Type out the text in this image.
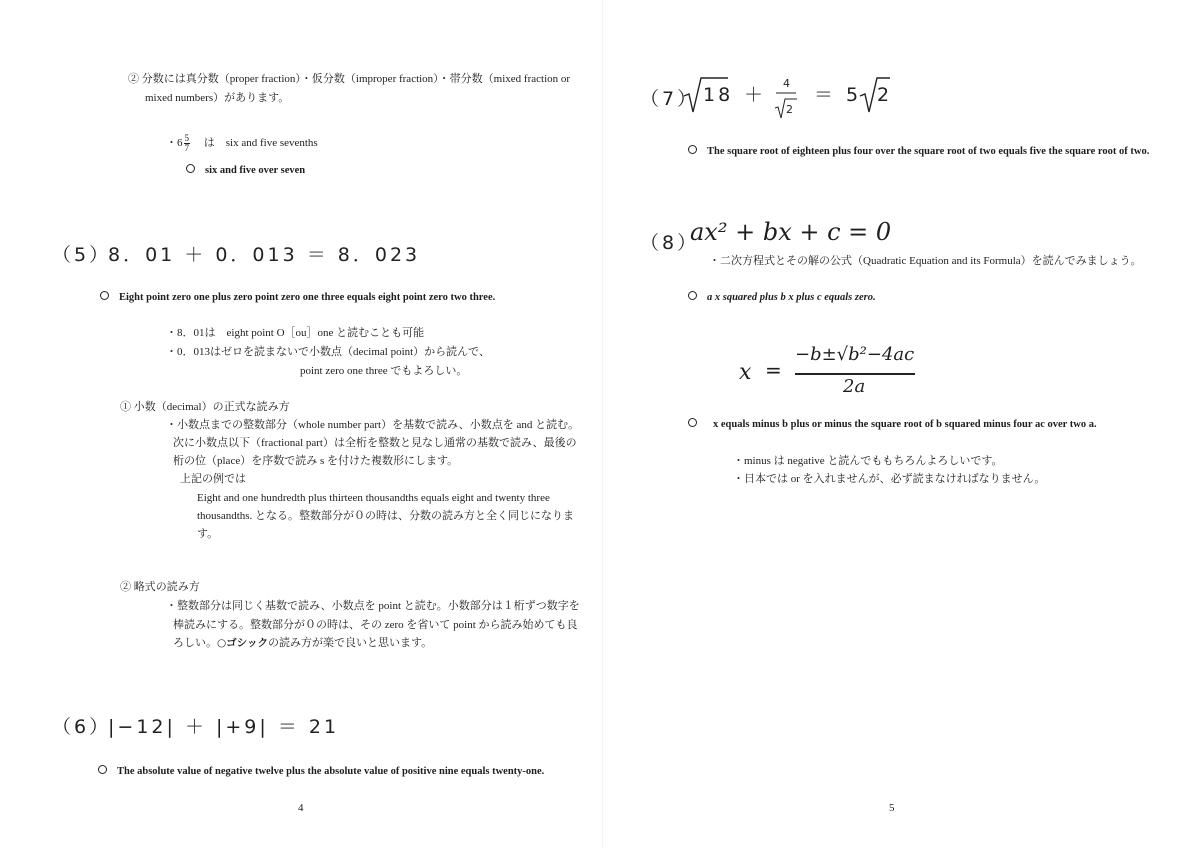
② 分数には真分数（proper fraction）・仮分数（improper fraction）・帯分数（mixed fraction or
mixed numbers）があります。
・$6 \frac{5}{7}$ は　six and five sevenths
six and five over seven
（5）
8．01 ＋ 0．013 ＝ 8．023
Eight point zero one plus zero point zero one three equals eight point zero two three.
・8．01は　eight point O［ou］one と読むことも可能
・0．013はゼロを読まないで小数点（decimal point）から読んで、
point zero one three でもよろしい。
① 小数（decimal）の正式な読み方
・小数点までの整数部分（whole number part）を基数で読み、小数点を and と読む。
次に小数点以下（fractional part）は全桁を整数と見なし通常の基数で読み、最後の
桁の位（place）を序数で読み s を付けた複数形にします。
上記の例では
Eight and one hundredth plus thirteen thousandths equals eight and twenty three
thousandths. となる。整数部分が０の時は、分数の読み方と全く同じになりま
す。
② 略式の読み方
・整数部分は同じく基数で読み、小数点を point と読む。小数部分は１桁ずつ数字を
棒読みにする。整数部分が０の時は、その zero を省いて point から読み始めても良
ろしい。○ゴシックの読み方が楽で良いと思います。
（6）
|−12| ＋ |+9| ＝ 21
The absolute value of negative twelve plus the absolute value of positive nine equals twenty-one.
4
（7） 18 ＋
4
2
＝ 5 2
The square root of eighteen plus four over the square root of two equals five the square root of two.
（8）
ax² + bx + c = 0
・二次方程式とその解の公式（Quadratic Equation and its Formula）を読んでみましょう。
a x squared plus b x plus c equals zero.
x =
−b±√b²−4ac
2a
x equals minus b plus or minus the square root of b squared minus four ac over two a.
・minus は negative と読んでももちろんよろしいです。
・日本では or を入れませんが、必ず読まなければなりません。
5
